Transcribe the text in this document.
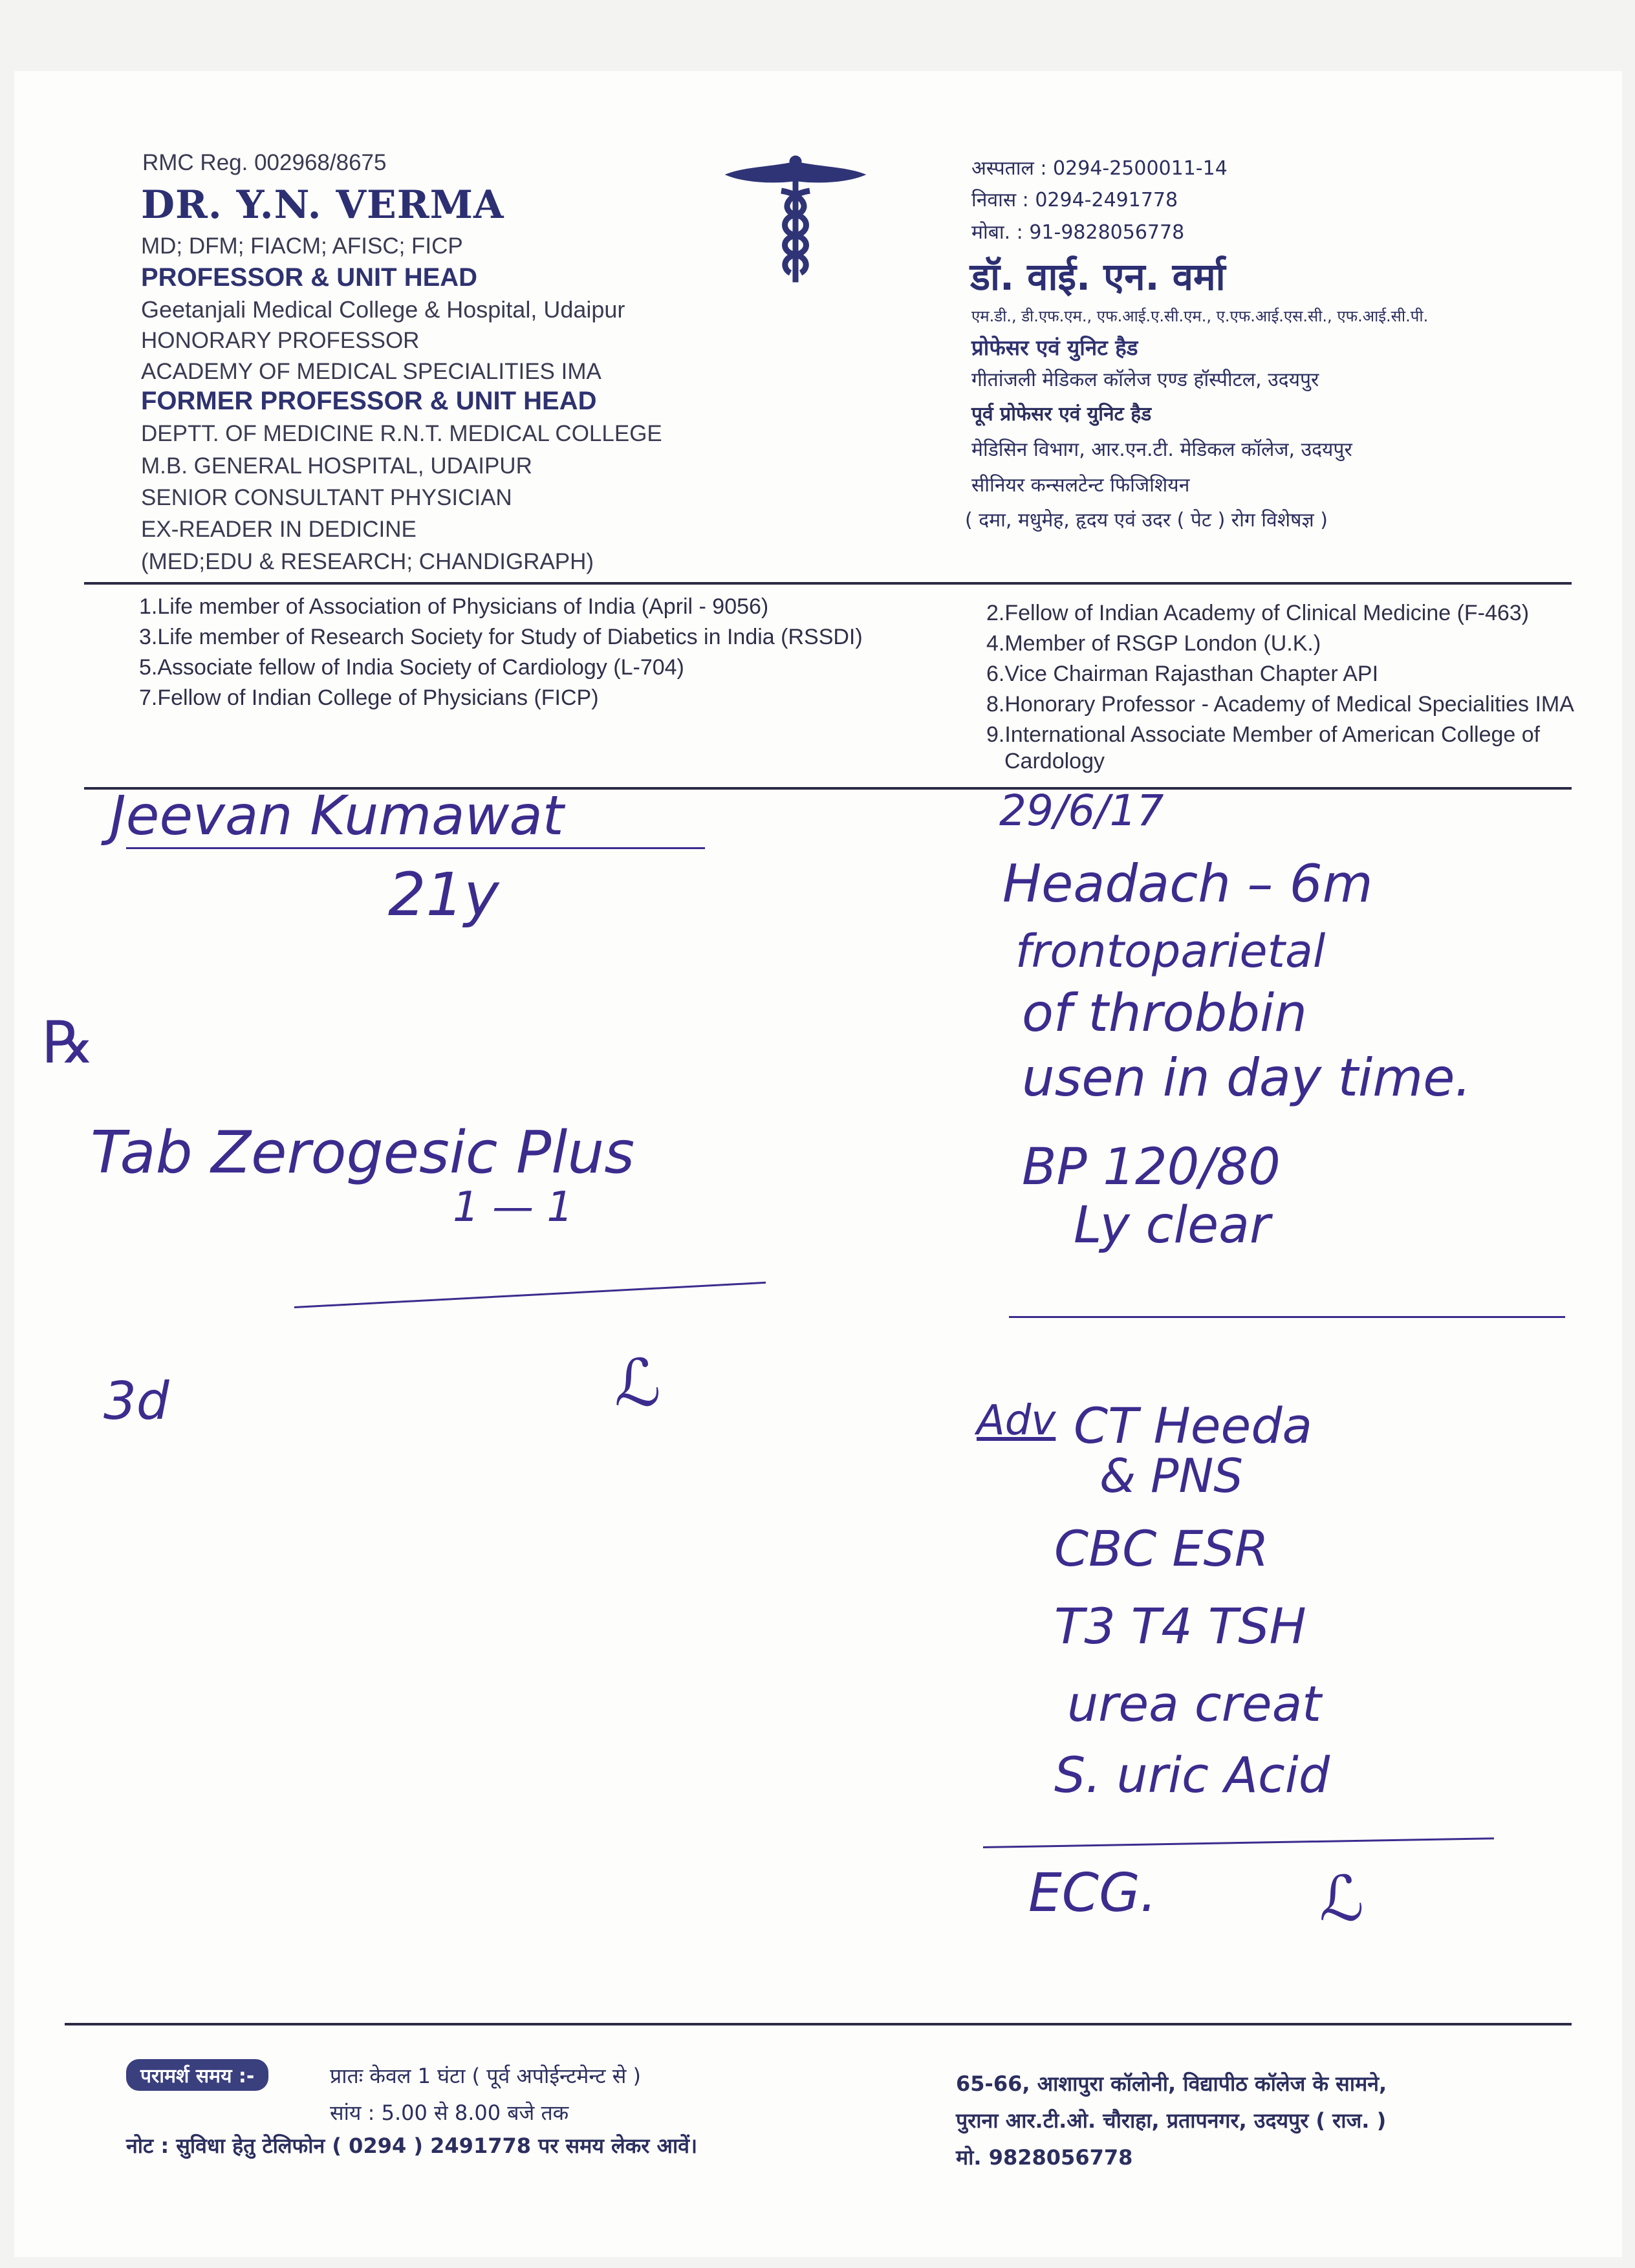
RMC Reg. 002968/8675
DR. Y.N. VERMA
MD; DFM; FIACM; AFISC; FICP
PROFESSOR & UNIT HEAD
Geetanjali Medical College & Hospital, Udaipur
HONORARY PROFESSOR
ACADEMY OF MEDICAL SPECIALITIES IMA
FORMER PROFESSOR & UNIT HEAD
DEPTT. OF MEDICINE R.N.T. MEDICAL COLLEGE
M.B. GENERAL HOSPITAL, UDAIPUR
SENIOR CONSULTANT PHYSICIAN
EX-READER IN DEDICINE
(MED;EDU & RESEARCH; CHANDIGRAPH)
अस्पताल : 0294-2500011-14
निवास : 0294-2491778
मोबा. : 91-9828056778
डॉ. वाई. एन. वर्मा
एम.डी., डी.एफ.एम., एफ.आई.ए.सी.एम., ए.एफ.आई.एस.सी., एफ.आई.सी.पी.
प्रोफेसर एवं युनिट हैड
गीतांजली मेडिकल कॉलेज एण्ड हॉस्पीटल, उदयपुर
पूर्व प्रोफेसर एवं युनिट हैड
मेडिसिन विभाग, आर.एन.टी. मेडिकल कॉलेज, उदयपुर
सीनियर कन्सलटेन्ट फिजिशियन
( दमा, मधुमेह, हृदय एवं उदर ( पेट ) रोग विशेषज्ञ )
1.Life member of Association of Physicians of India (April - 9056)
3.Life member of Research Society for Study of Diabetics in India (RSSDI)
5.Associate fellow of India Society of Cardiology (L-704)
7.Fellow of Indian College of Physicians (FICP)
2.Fellow of Indian Academy of Clinical Medicine (F-463)
4.Member of RSGP London (U.K.)
6.Vice Chairman Rajasthan Chapter API
8.Honorary Professor - Academy of Medical Specialities IMA
9.International Associate Member of American College of
Cardology
Jeevan Kumawat
21y
℞
Tab Zerogesic Plus
1 — 1
3d	ℒ
29/6/17
Headach – 6m
frontoparietal
of throbbin
usen in day time.
BP 120/80
Ly clear
Adv CT Heeda
& PNS
CBC ESR
T3 T4 TSH
urea creat
S. uric Acid
ECG.	ℒ
परामर्श समय :-	प्रातः केवल 1 घंटा ( पूर्व अपोईन्टमेन्ट से )
सांय : 5.00 से 8.00 बजे तक
नोट : सुविधा हेतु टेलिफोन ( 0294 ) 2491778 पर समय लेकर आवें।
65-66, आशापुरा कॉलोनी, विद्यापीठ कॉलेज के सामने,
पुराना आर.टी.ओ. चौराहा, प्रतापनगर, उदयपुर ( राज. )
मो. 9828056778
